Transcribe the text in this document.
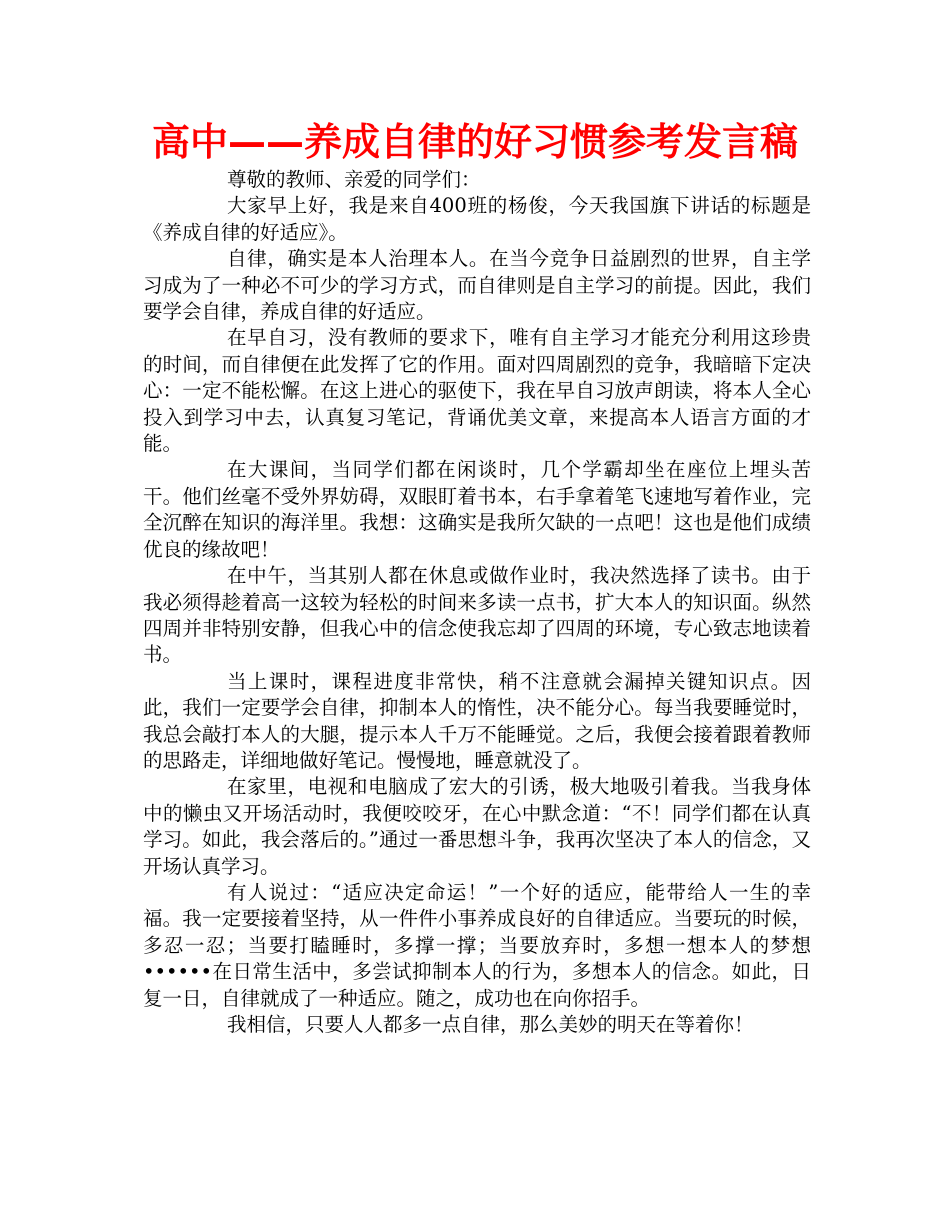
高中——养成自律的好习惯参考发言稿

尊敬的教师、亲爱的同学们：

大家早上好，我是来自400班的杨俊，今天我国旗下讲话的标题是《养成自律的好适应》。

自律，确实是本人治理本人。在当今竞争日益剧烈的世界，自主学习成为了一种必不可少的学习方式，而自律则是自主学习的前提。因此，我们要学会自律，养成自律的好适应。

在早自习，没有教师的要求下，唯有自主学习才能充分利用这珍贵的时间，而自律便在此发挥了它的作用。面对四周剧烈的竞争，我暗暗下定决心：一定不能松懈。在这上进心的驱使下，我在早自习放声朗读，将本人全心投入到学习中去，认真复习笔记，背诵优美文章，来提高本人语言方面的才能。

在大课间，当同学们都在闲谈时，几个学霸却坐在座位上埋头苦干。他们丝毫不受外界妨碍，双眼盯着书本，右手拿着笔飞速地写着作业，完全沉醉在知识的海洋里。我想：这确实是我所欠缺的一点吧！这也是他们成绩优良的缘故吧！

在中午，当其别人都在休息或做作业时，我决然选择了读书。由于我必须得趁着高一这较为轻松的时间来多读一点书，扩大本人的知识面。纵然四周并非特别安静，但我心中的信念使我忘却了四周的环境，专心致志地读着书。

当上课时，课程进度非常快，稍不注意就会漏掉关键知识点。因此，我们一定要学会自律，抑制本人的惰性，决不能分心。每当我要睡觉时，我总会敲打本人的大腿，提示本人千万不能睡觉。之后，我便会接着跟着教师的思路走，详细地做好笔记。慢慢地，睡意就没了。

在家里，电视和电脑成了宏大的引诱，极大地吸引着我。当我身体中的懒虫又开场活动时，我便咬咬牙，在心中默念道：“不！同学们都在认真学习。如此，我会落后的。”通过一番思想斗争，我再次坚决了本人的信念，又开场认真学习。

有人说过：“适应决定命运！”一个好的适应，能带给人一生的幸福。我一定要接着坚持，从一件件小事养成良好的自律适应。当要玩的时候，多忍一忍；当要打瞌睡时，多撑一撑；当要放弃时，多想一想本人的梦想••••••在日常生活中，多尝试抑制本人的行为，多想本人的信念。如此，日复一日，自律就成了一种适应。随之，成功也在向你招手。

我相信，只要人人都多一点自律，那么美妙的明天在等着你！
